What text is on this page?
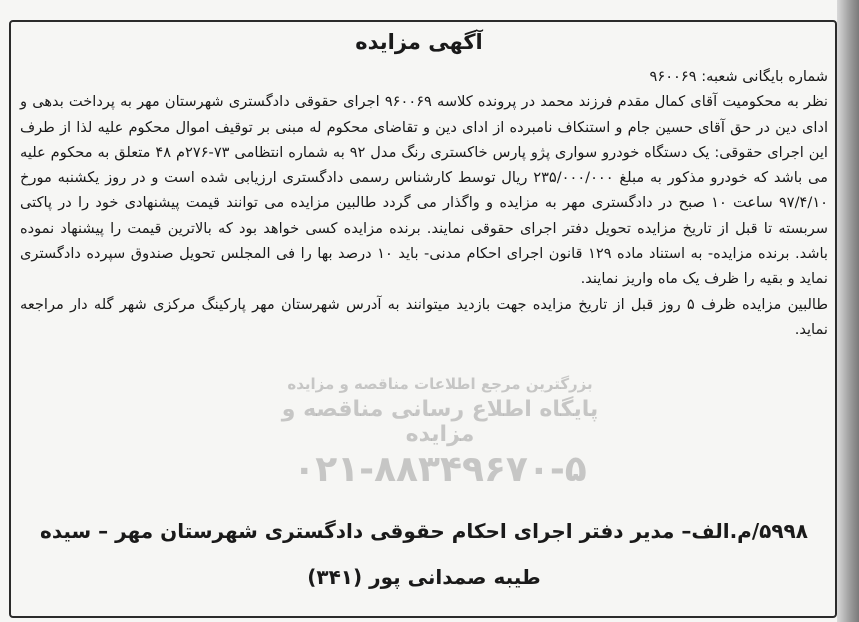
بزرگترین مرجع اطلاعات مناقصه و مزایده
پایگاه اطلاع رسانی مناقصه و مزایده
۰۲۱-۸۸۳۴۹۶۷۰-۵
آگهی مزایده

شماره بایگانی شعبه: ۹۶۰۰۶۹

نظر به محکومیت آقای کمال مقدم فرزند محمد در پرونده کلاسه ۹۶۰۰۶۹ اجرای حقوقی دادگستری شهرستان مهر به پرداخت بدهی و ادای دین در حق آقای حسین جام و استنکاف نامبرده از ادای دین و تقاضای محکوم له مبنی بر توقیف اموال محکوم علیه لذا از طرف این اجرای حقوقی: یک دستگاه خودرو سواری پژو پارس خاکستری رنگ مدل ۹۲ به شماره انتظامی ۷۳-۲۷۶م ۴۸ متعلق به محکوم علیه می باشد که خودرو مذکور به مبلغ ۲۳۵/۰۰۰/۰۰۰ ریال توسط کارشناس رسمی دادگستری ارزیابی شده است و در روز یکشنبه مورخ ۹۷/۴/۱۰ ساعت ۱۰ صبح در دادگستری مهر به مزایده و واگذار می گردد طالبین مزایده می توانند قیمت پیشنهادی خود را در پاکتی سربسته تا قبل از تاریخ مزایده تحویل دفتر اجرای حقوقی نمایند. برنده مزایده کسی خواهد بود که بالاترین قیمت را پیشنهاد نموده باشد. برنده مزایده- به استناد ماده ۱۲۹ قانون اجرای احکام مدنی- باید ۱۰ درصد بها را فی المجلس تحویل صندوق سپرده دادگستری نماید و بقیه را ظرف یک ماه واریز نمایند.

طالبین مزایده ظرف ۵ روز قبل از تاریخ مزایده جهت بازدید میتوانند به آدرس شهرستان مهر پارکینگ مرکزی شهر گله دار مراجعه نماید.

۵۹۹۸/م.الف– مدیر دفتر اجرای احکام حقوقی دادگستری شهرستان مهر – سیده
طیبه صمدانی پور (۳۴۱)
